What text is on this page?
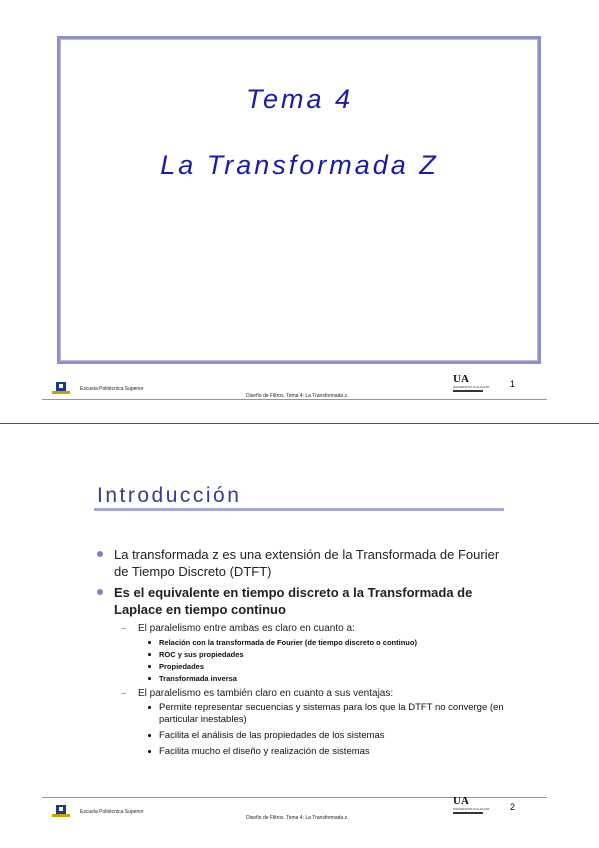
Tema 4
La Transformada Z
Escuela Politécnica Superior
Diseño de Filtros. Tema 4: La Transformada z.
UA
UNIVERSITAT D'ALACANT	1
Introducción
La transformada z es una extensión de la Transformada de Fourier de Tiempo Discreto (DTFT)
Es el equivalente en tiempo discreto a la Transformada de Laplace en tiempo continuo
El paralelismo entre ambas es claro en cuanto a:
Relación con la transformada de Fourier (de tiempo discreto o continuo)
ROC y sus propiedades
Propiedades
Transformada inversa
El paralelismo es también claro en cuanto a sus ventajas:
Permite representar secuencias y sistemas para los que la DTFT no converge (en particular inestables)
Facilita el análisis de las propiedades de los sistemas
Facilita mucho el diseño y realización de sistemas
Escuela Politécnica Superior
Diseño de Filtros. Tema 4: La Transformada z.
UA
UNIVERSITAT D'ALACANT	2
